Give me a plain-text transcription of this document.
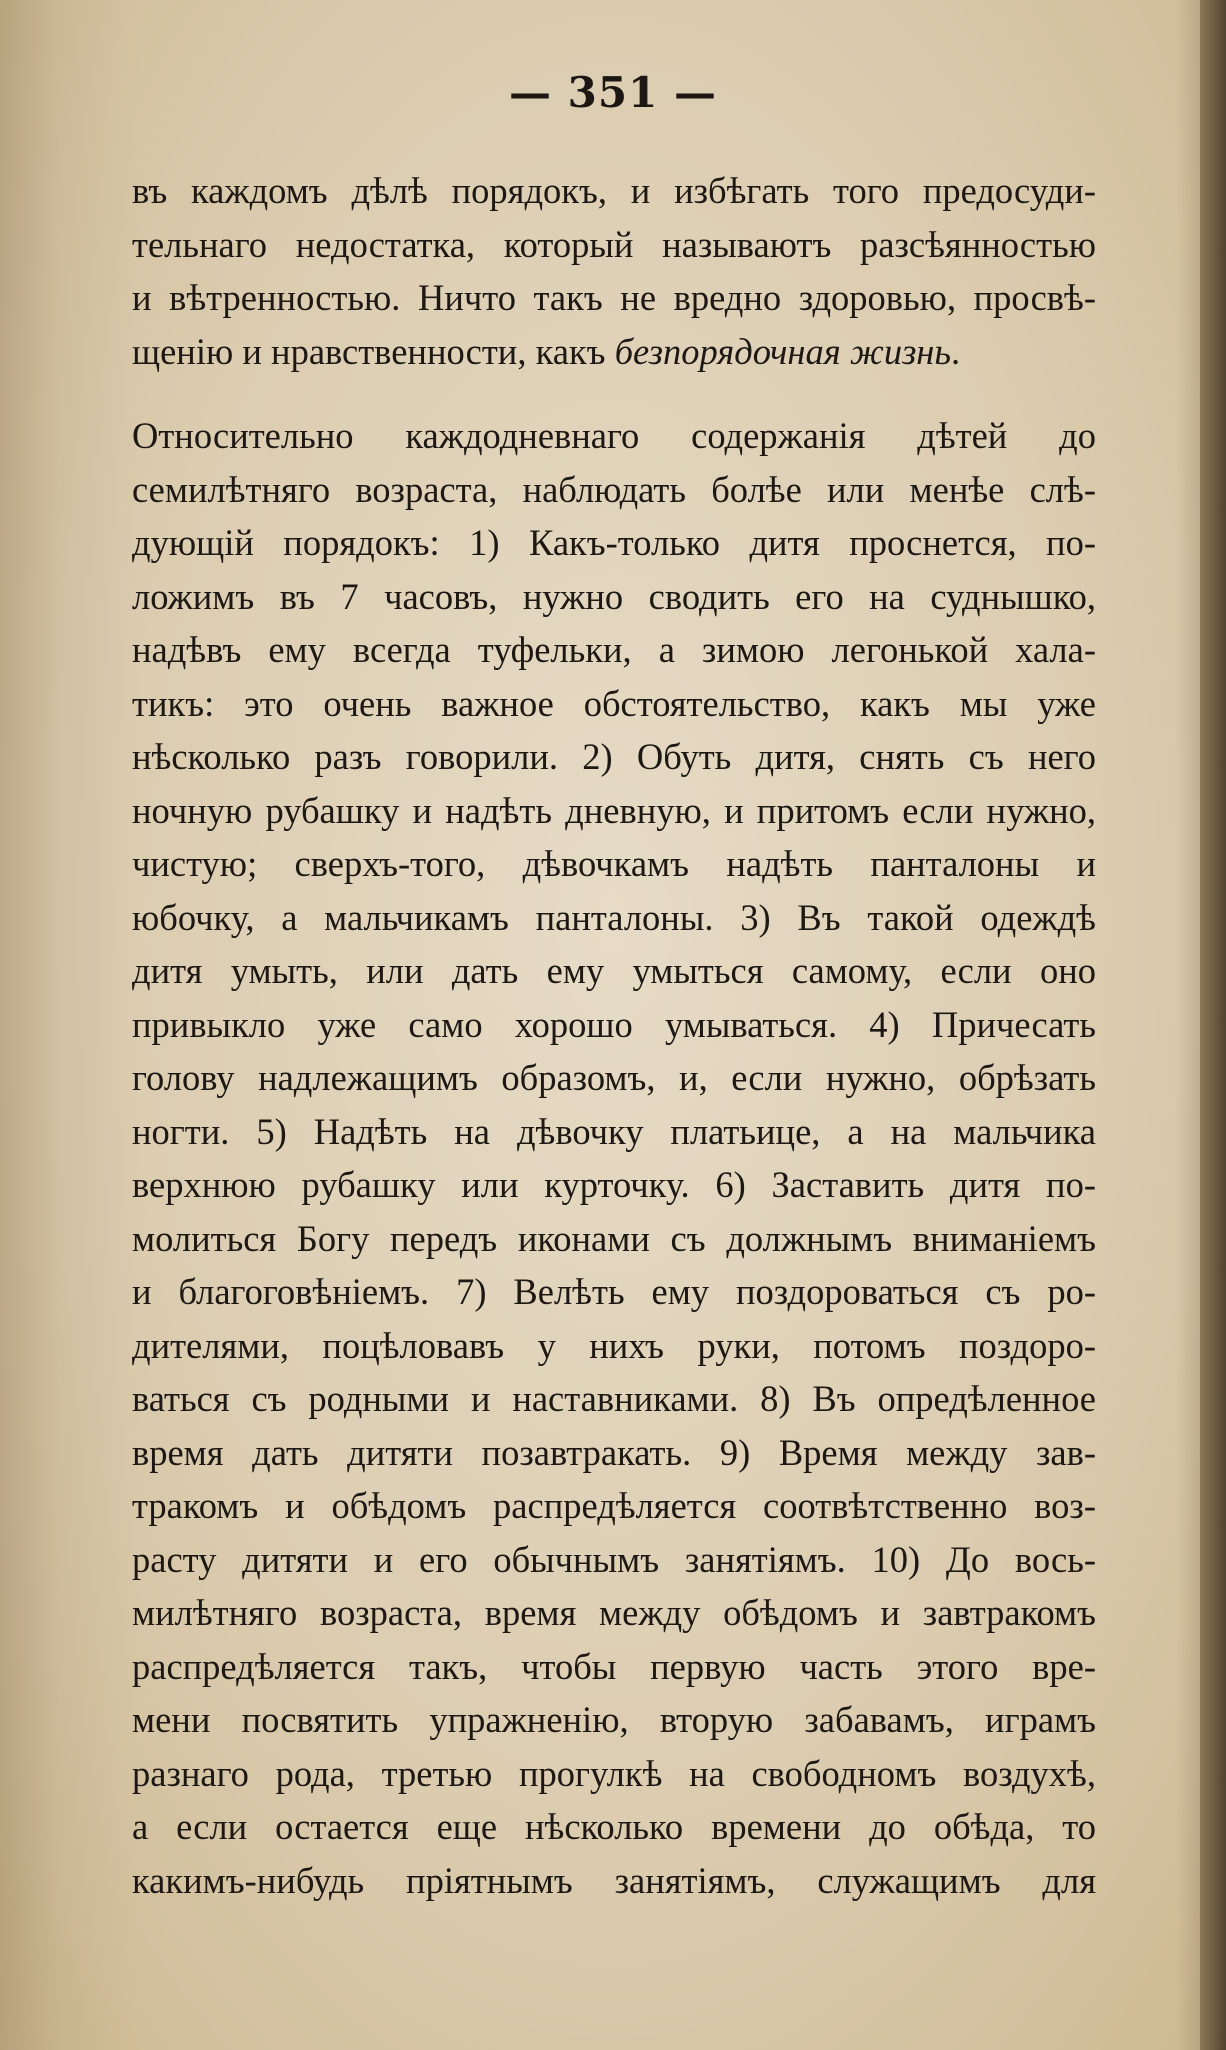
— 351 —
въ каждомъ дѣлѣ порядокъ, и избѣгать того предосуди-
тельнаго недостатка, который называютъ разсѣянностью
и вѣтренностью. Ничто такъ не вредно здоровью, просвѣ-
щенію и нравственности, какъ безпорядочная жизнь.
Относительно каждодневнаго содержанія дѣтей до
семилѣтняго возраста, наблюдать болѣе или менѣе слѣ-
дующій порядокъ: 1) Какъ-только дитя проснется, по-
ложимъ въ 7 часовъ, нужно сводить его на суднышко,
надѣвъ ему всегда туфельки, а зимою легонькой хала-
тикъ: это очень важное обстоятельство, какъ мы уже
нѣсколько разъ говорили. 2) Обуть дитя, снять съ него
ночную рубашку и надѣть дневную, и притомъ если нужно,
чистую; сверхъ-того, дѣвочкамъ надѣть панталоны и
юбочку, а мальчикамъ панталоны. 3) Въ такой одеждѣ
дитя умыть, или дать ему умыться самому, если оно
привыкло уже само хорошо умываться. 4) Причесать
голову надлежащимъ образомъ, и, если нужно, обрѣзать
ногти. 5) Надѣть на дѣвочку платьице, а на мальчика
верхнюю рубашку или курточку. 6) Заставить дитя по-
молиться Богу передъ иконами съ должнымъ вниманіемъ
и благоговѣніемъ. 7) Велѣть ему поздороваться съ ро-
дителями, поцѣловавъ у нихъ руки, потомъ поздоро-
ваться съ родными и наставниками. 8) Въ опредѣленное
время дать дитяти позавтракать. 9) Время между зав-
тракомъ и обѣдомъ распредѣляется соотвѣтственно воз-
расту дитяти и его обычнымъ занятіямъ. 10) До вось-
милѣтняго возраста, время между обѣдомъ и завтракомъ
распредѣляется такъ, чтобы первую часть этого вре-
мени посвятить упражненію, вторую забавамъ, играмъ
разнаго рода, третью прогулкѣ на свободномъ воздухѣ,
а если остается еще нѣсколько времени до обѣда, то
какимъ-нибудь пріятнымъ занятіямъ, служащимъ для
